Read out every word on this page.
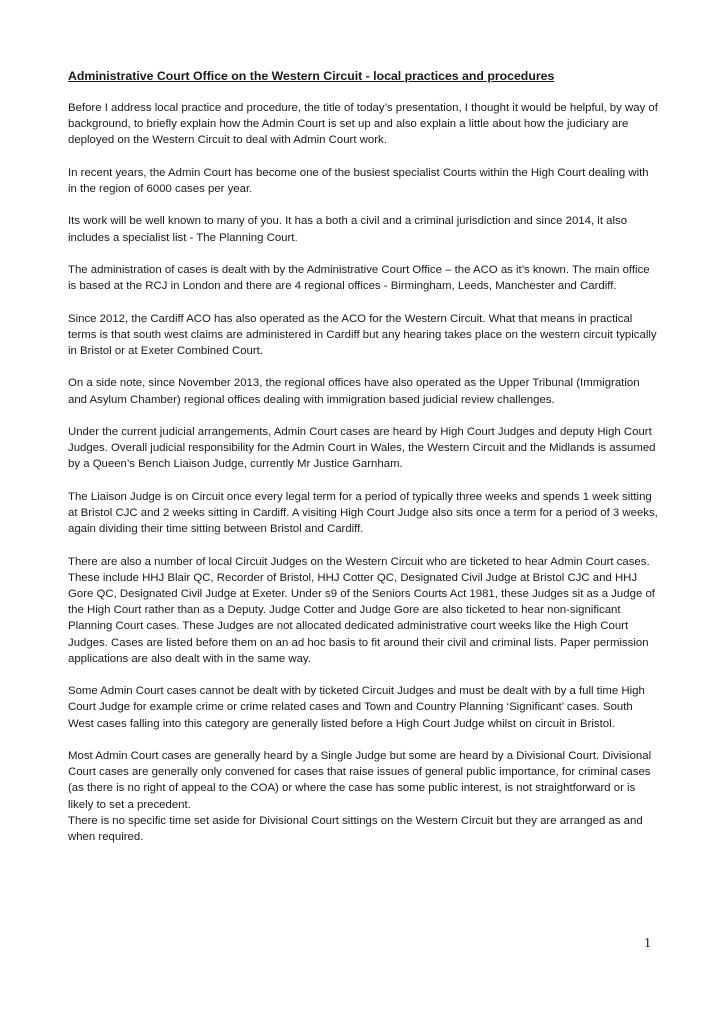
Administrative Court Office on the Western Circuit - local practices and procedures

Before I address local practice and procedure, the title of today’s presentation, I thought it would be helpful, by way of background, to briefly explain how the Admin Court is set up and also explain a little about how the judiciary are deployed on the Western Circuit to deal with Admin Court work.

In recent years, the Admin Court has become one of the busiest specialist Courts within the High Court dealing with in the region of 6000 cases per year.

Its work will be well known to many of you. It has a both a civil and a criminal jurisdiction and since 2014, it also includes a specialist list - The Planning Court.

The administration of cases is dealt with by the Administrative Court Office – the ACO as it’s known. The main office is based at the RCJ in London and there are 4 regional offices - Birmingham, Leeds, Manchester and Cardiff.

Since 2012, the Cardiff ACO has also operated as the ACO for the Western Circuit. What that means in practical terms is that south west claims are administered in Cardiff but any hearing takes place on the western circuit typically in Bristol or at Exeter Combined Court.

On a side note, since November 2013, the regional offices have also operated as the Upper Tribunal (Immigration and Asylum Chamber) regional offices dealing with immigration based judicial review challenges.

Under the current judicial arrangements, Admin Court cases are heard by High Court Judges and deputy High Court Judges. Overall judicial responsibility for the Admin Court in Wales, the Western Circuit and the Midlands is assumed by a Queen’s Bench Liaison Judge, currently Mr Justice Garnham.

The Liaison Judge is on Circuit once every legal term for a period of typically three weeks and spends 1 week sitting at Bristol CJC and 2 weeks sitting in Cardiff. A visiting High Court Judge also sits once a term for a period of 3 weeks, again dividing their time sitting between Bristol and Cardiff.

There are also a number of local Circuit Judges on the Western Circuit who are ticketed to hear Admin Court cases. These include HHJ Blair QC, Recorder of Bristol, HHJ Cotter QC, Designated Civil Judge at Bristol CJC and HHJ Gore QC, Designated Civil Judge at Exeter. Under s9 of the Seniors Courts Act 1981, these Judges sit as a Judge of the High Court rather than as a Deputy. Judge Cotter and Judge Gore are also ticketed to hear non-significant Planning Court cases. These Judges are not allocated dedicated administrative court weeks like the High Court Judges. Cases are listed before them on an ad hoc basis to fit around their civil and criminal lists. Paper permission applications are also dealt with in the same way.

Some Admin Court cases cannot be dealt with by ticketed Circuit Judges and must be dealt with by a full time High Court Judge for example crime or crime related cases and Town and Country Planning ‘Significant’ cases. South West cases falling into this category are generally listed before a High Court Judge whilst on circuit in Bristol.

Most Admin Court cases are generally heard by a Single Judge but some are heard by a Divisional Court. Divisional Court cases are generally only convened for cases that raise issues of general public importance, for criminal cases (as there is no right of appeal to the COA) or where the case has some public interest, is not straightforward or is likely to set a precedent.

There is no specific time set aside for Divisional Court sittings on the Western Circuit but they are arranged as and when required.

1
